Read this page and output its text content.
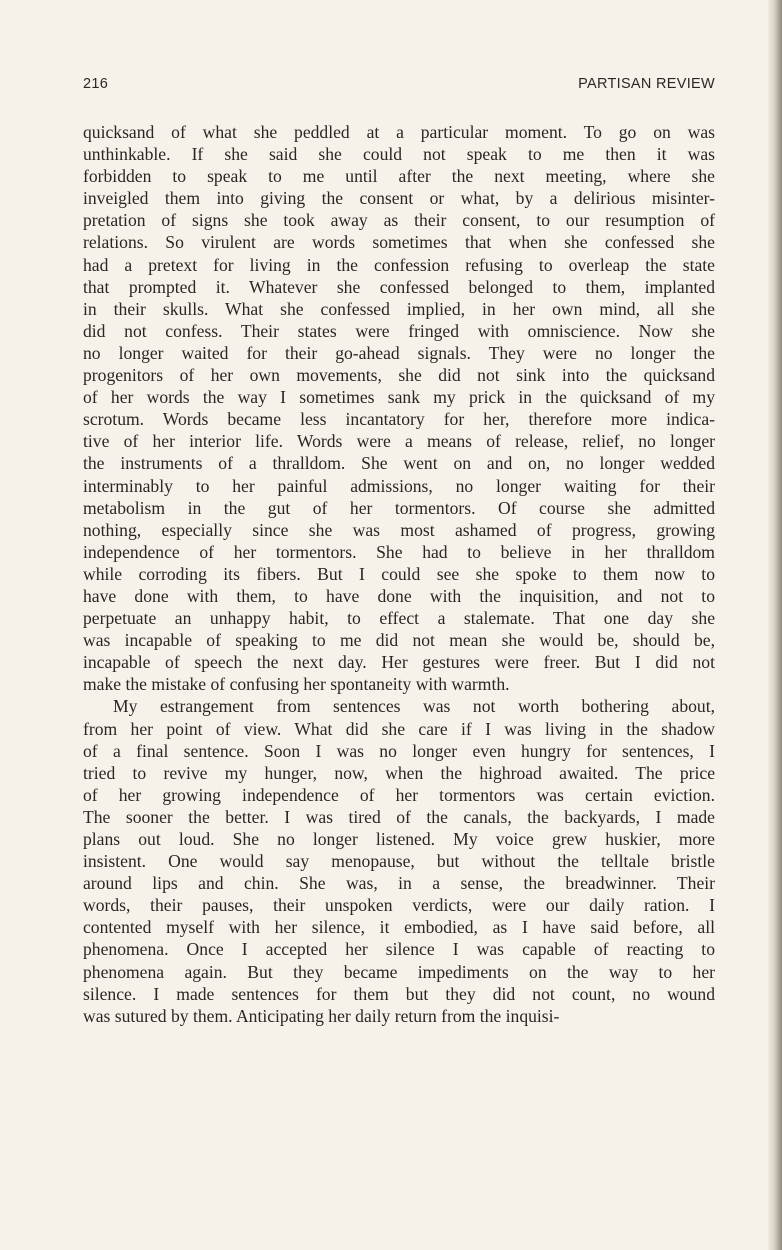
216	PARTISAN REVIEW

quicksand of what she peddled at a particular moment. To go on was
unthinkable. If she said she could not speak to me then it was
forbidden to speak to me until after the next meeting, where she
inveigled them into giving the consent or what, by a delirious misinter-
pretation of signs she took away as their consent, to our resumption of
relations. So virulent are words sometimes that when she confessed she
had a pretext for living in the confession refusing to overleap the state
that prompted it. Whatever she confessed belonged to them, implanted
in their skulls. What she confessed implied, in her own mind, all she
did not confess. Their states were fringed with omniscience. Now she
no longer waited for their go-ahead signals. They were no longer the
progenitors of her own movements, she did not sink into the quicksand
of her words the way I sometimes sank my prick in the quicksand of my
scrotum. Words became less incantatory for her, therefore more indica-
tive of her interior life. Words were a means of release, relief, no longer
the instruments of a thralldom. She went on and on, no longer wedded
interminably to her painful admissions, no longer waiting for their
metabolism in the gut of her tormentors. Of course she admitted
nothing, especially since she was most ashamed of progress, growing
independence of her tormentors. She had to believe in her thralldom
while corroding its fibers. But I could see she spoke to them now to
have done with them, to have done with the inquisition, and not to
perpetuate an unhappy habit, to effect a stalemate. That one day she
was incapable of speaking to me did not mean she would be, should be,
incapable of speech the next day. Her gestures were freer. But I did not
make the mistake of confusing her spontaneity with warmth.

My estrangement from sentences was not worth bothering about,
from her point of view. What did she care if I was living in the shadow
of a final sentence. Soon I was no longer even hungry for sentences, I
tried to revive my hunger, now, when the highroad awaited. The price
of her growing independence of her tormentors was certain eviction.
The sooner the better. I was tired of the canals, the backyards, I made
plans out loud. She no longer listened. My voice grew huskier, more
insistent. One would say menopause, but without the telltale bristle
around lips and chin. She was, in a sense, the breadwinner. Their
words, their pauses, their unspoken verdicts, were our daily ration. I
contented myself with her silence, it embodied, as I have said before, all
phenomena. Once I accepted her silence I was capable of reacting to
phenomena again. But they became impediments on the way to her
silence. I made sentences for them but they did not count, no wound
was sutured by them. Anticipating her daily return from the inquisi-
